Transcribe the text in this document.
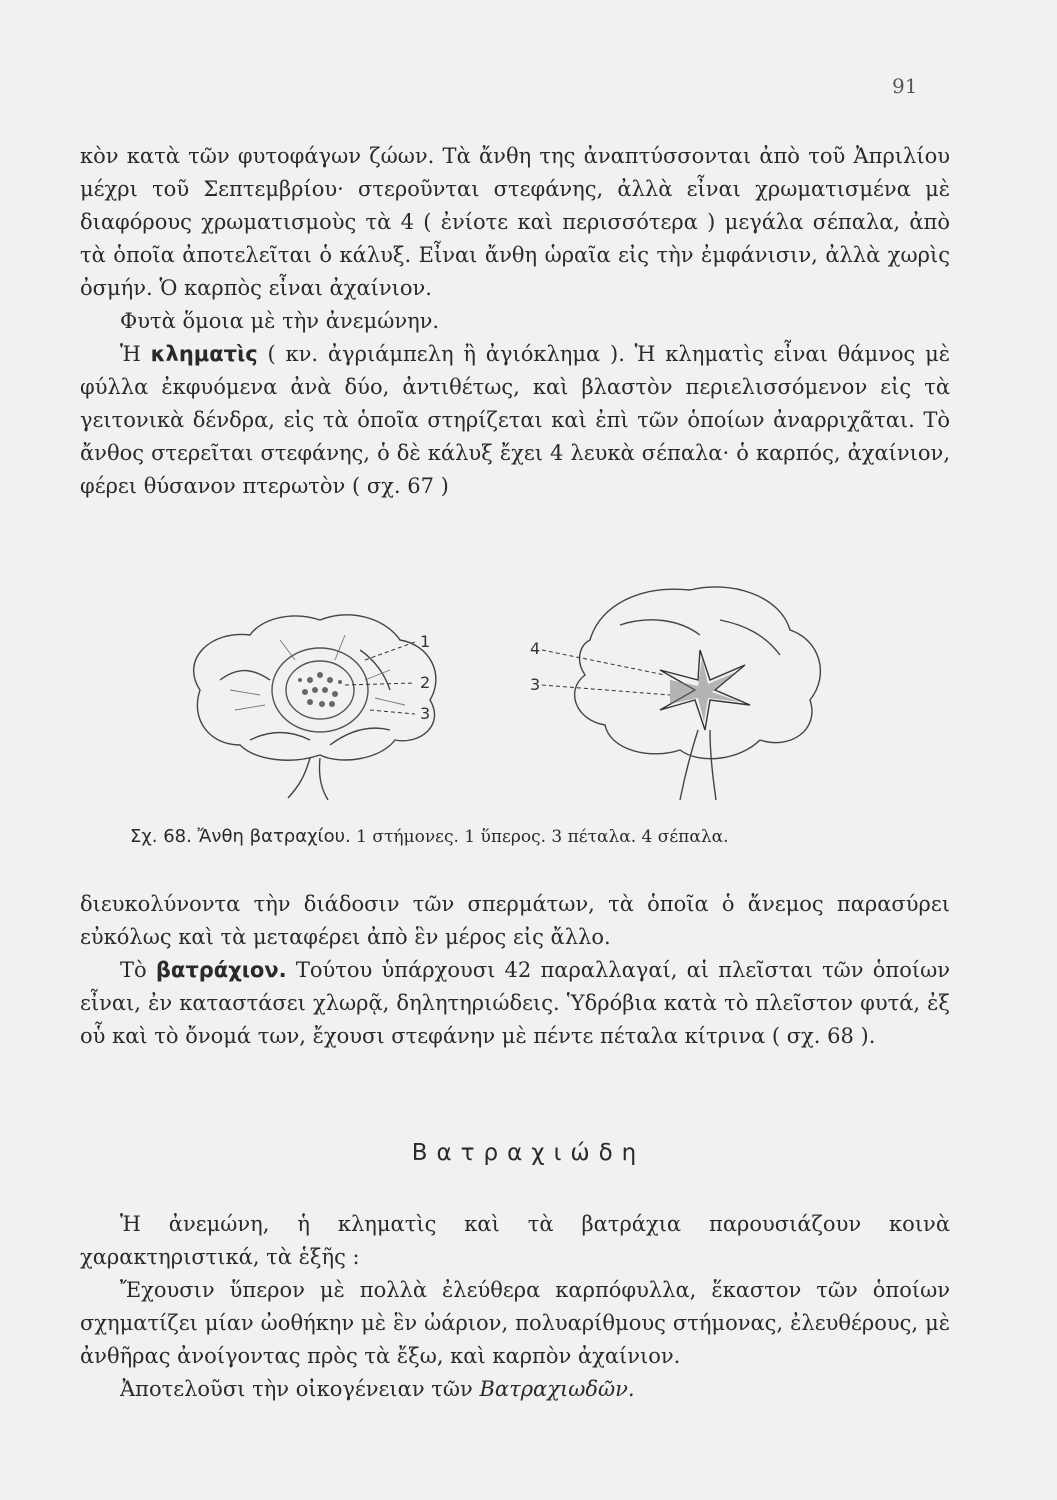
91

κὸν κατὰ τῶν φυτοφάγων ζώων. Τὰ ἄνθη της ἀναπτύσσονται ἀπὸ τοῦ Ἀπριλίου μέχρι τοῦ Σεπτεμβρίου· στεροῦνται στεφάνης, ἀλλὰ εἶναι χρωματισμένα μὲ διαφόρους χρωματισμοὺς τὰ 4 ( ἐνίοτε καὶ περισσότερα ) μεγάλα σέπαλα, ἀπὸ τὰ ὁποῖα ἀποτελεῖται ὁ κάλυξ. Εἶναι ἄνθη ὡραῖα εἰς τὴν ἐμφάνισιν, ἀλλὰ χωρὶς ὀσμήν. Ὁ καρπὸς εἶναι ἀχαίνιον.

Φυτὰ ὅμοια μὲ τὴν ἀνεμώνην.

Ἡ κληματὶς ( κν. ἀγριάμπελη ἢ ἀγιόκλημα ). Ἡ κληματὶς εἶναι θάμνος μὲ φύλλα ἐκφυόμενα ἀνὰ δύο, ἀντιθέτως, καὶ βλαστὸν περιελισσόμενον εἰς τὰ γειτονικὰ δένδρα, εἰς τὰ ὁποῖα στηρίζεται καὶ ἐπὶ τῶν ὁποίων ἀναρριχᾶται. Τὸ ἄνθος στερεῖται στεφάνης, ὁ δὲ κάλυξ ἔχει 4 λευκὰ σέπαλα· ὁ καρπός, ἀχαίνιον, φέρει θύσανον πτερωτὸν ( σχ. 67 )

1
2
3
4
3
Σχ. 68. Ἄνθη βατραχίου. 1 στήμονες. 1 ὕπερος. 3 πέταλα. 4 σέπαλα.

διευκολύνοντα τὴν διάδοσιν τῶν σπερμάτων, τὰ ὁποῖα ὁ ἄνεμος παρασύρει εὐκόλως καὶ τὰ μεταφέρει ἀπὸ ἓν μέρος εἰς ἄλλο.

Τὸ βατράχιον. Τούτου ὑπάρχουσι 42 παραλλαγαί, αἱ πλεῖσται τῶν ὁποίων εἶναι, ἐν καταστάσει χλωρᾷ, δηλητηριώδεις. Ὑδρόβια κατὰ τὸ πλεῖστον φυτά, ἐξ οὗ καὶ τὸ ὄνομά των, ἔχουσι στεφάνην μὲ πέντε πέταλα κίτρινα ( σχ. 68 ).

Βατραχιώδη

Ἡ ἀνεμώνη, ἡ κληματὶς καὶ τὰ βατράχια παρουσιάζουν κοινὰ χαρακτηριστικά, τὰ ἑξῆς :

Ἔχουσιν ὕπερον μὲ πολλὰ ἐλεύθερα καρπόφυλλα, ἕκαστον τῶν ὁποίων σχηματίζει μίαν ὠοθήκην μὲ ἓν ὠάριον, πολυαρίθμους στήμονας, ἐλευθέρους, μὲ ἀνθῆρας ἀνοίγοντας πρὸς τὰ ἔξω, καὶ καρπὸν ἀχαίνιον.

Ἀποτελοῦσι τὴν οἰκογένειαν τῶν Βατραχιωδῶν.
